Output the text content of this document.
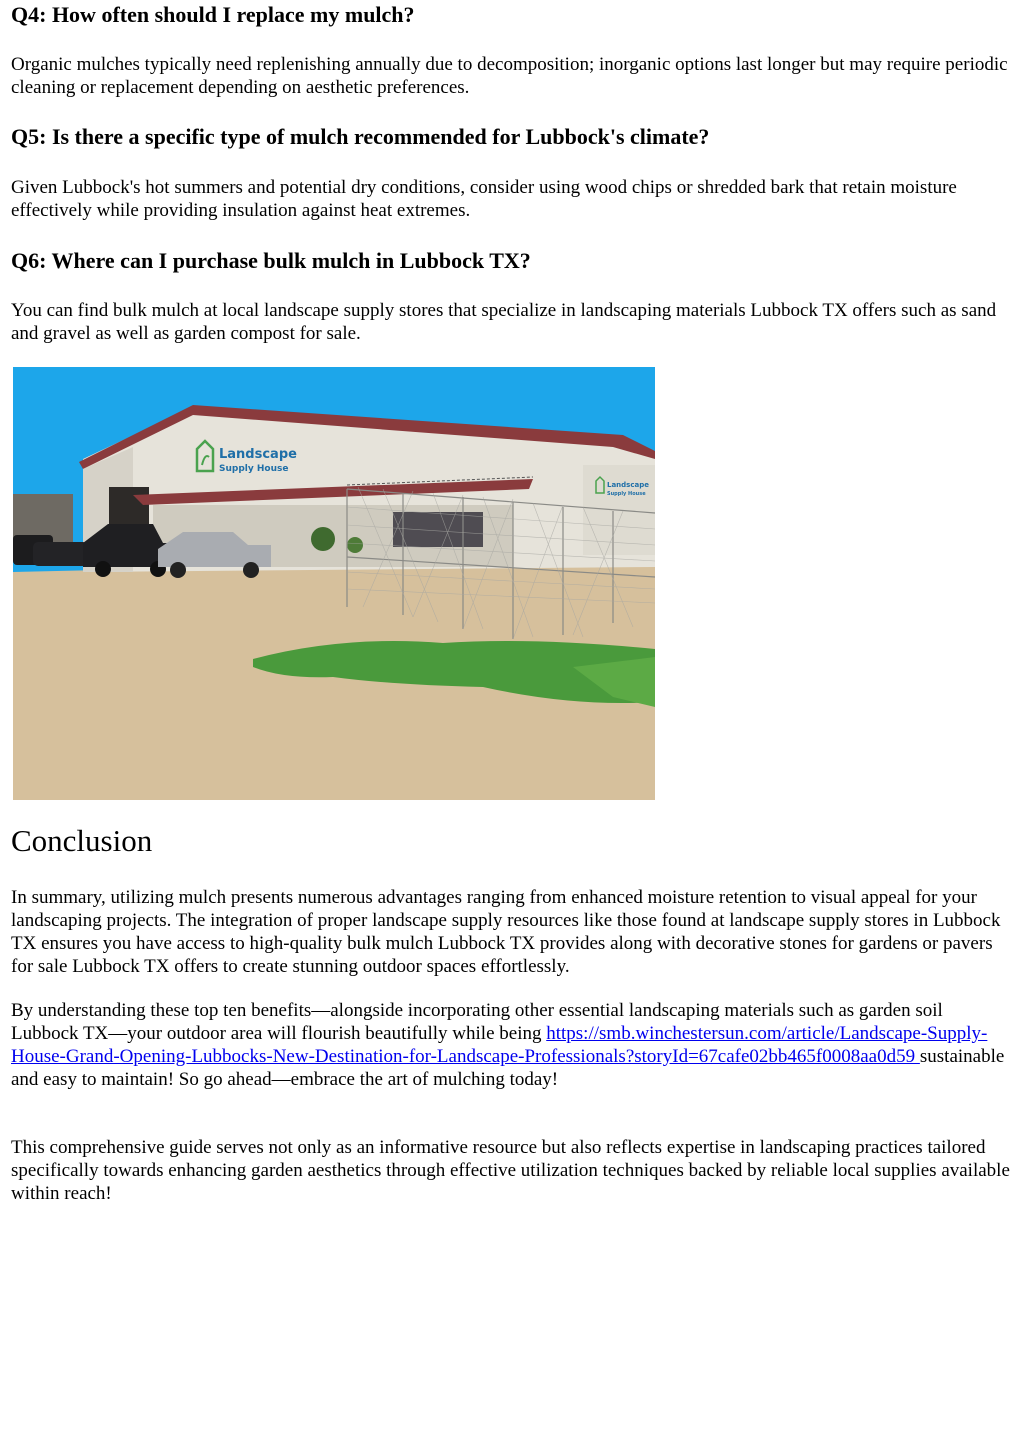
Q4: How often should I replace my mulch?

Organic mulches typically need replenishing annually due to decomposition; inorganic options last longer but may require periodic cleaning or replacement depending on aesthetic preferences.

Q5: Is there a specific type of mulch recommended for Lubbock's climate?

Given Lubbock's hot summers and potential dry conditions, consider using wood chips or shredded bark that retain moisture effectively while providing insulation against heat extremes.

Q6: Where can I purchase bulk mulch in Lubbock TX?

You can find bulk mulch at local landscape supply stores that specialize in landscaping materials Lubbock TX offers such as sand and gravel as well as garden compost for sale.

Landscape
Supply House
Landscape
Supply House
Conclusion

In summary, utilizing mulch presents numerous advantages ranging from enhanced moisture retention to visual appeal for your landscaping projects. The integration of proper landscape supply resources like those found at landscape supply stores in Lubbock TX ensures you have access to high-quality bulk mulch Lubbock TX provides along with decorative stones for gardens or pavers for sale Lubbock TX offers to create stunning outdoor spaces effortlessly.

By understanding these top ten benefits—alongside incorporating other essential landscaping materials such as garden soil Lubbock TX—your outdoor area will flourish beautifully while being https://smb.winchestersun.com/article/Landscape-Supply-House-Grand-Opening-Lubbocks-New-Destination-for-Landscape-Professionals?storyId=67cafe02bb465f0008aa0d59 sustainable and easy to maintain! So go ahead—embrace the art of mulching today!

This comprehensive guide serves not only as an informative resource but also reflects expertise in landscaping practices tailored specifically towards enhancing garden aesthetics through effective utilization techniques backed by reliable local supplies available within reach!
